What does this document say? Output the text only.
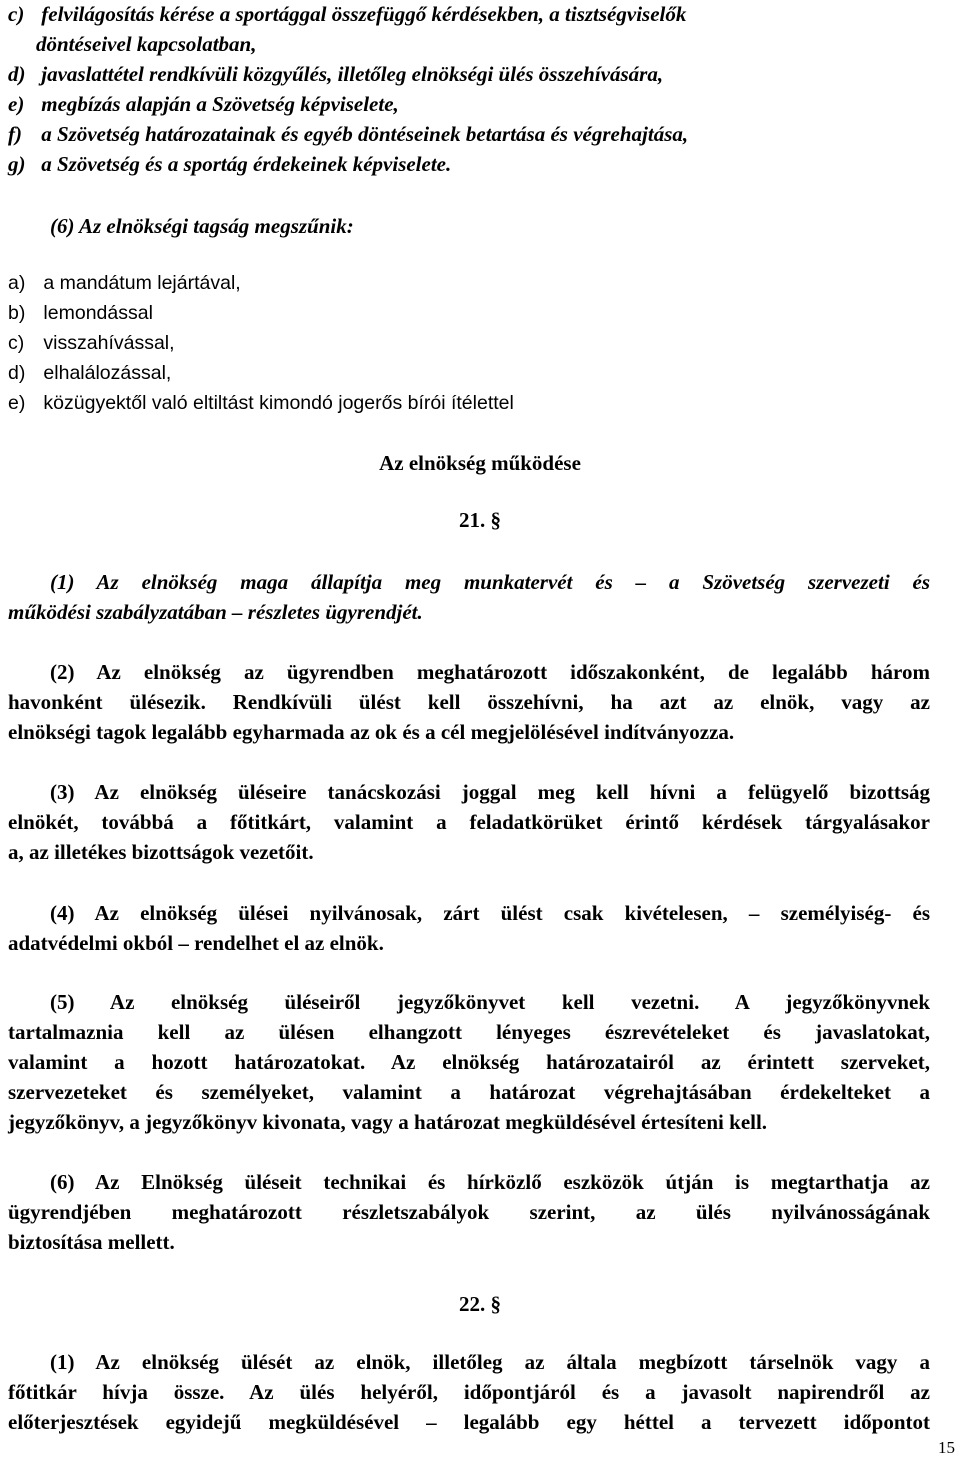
c) felvilágosítás kérése a sportággal összefüggő kérdésekben, a tisztségviselők
döntéseivel kapcsolatban,
d) javaslattétel rendkívüli közgyűlés, illetőleg elnökségi ülés összehívására,
e) megbízás alapján a Szövetség képviselete,
f) a Szövetség határozatainak és egyéb döntéseinek betartása és végrehajtása,
g) a Szövetség és a sportág érdekeinek képviselete.
(6) Az elnökségi tagság megszűnik:
a) a mandátum lejártával,
b) lemondással
c) visszahívással,
d) elhalálozással,
e) közügyektől való eltiltást kimondó jogerős bírói ítélettel
Az elnökség működése
21. §
(1) Az elnökség maga állapítja meg munkatervét és – a Szövetség szervezeti és
működési szabályzatában – részletes ügyrendjét.
(2) Az elnökség az ügyrendben meghatározott időszakonként, de legalább három
havonként ülésezik. Rendkívüli ülést kell összehívni, ha azt az elnök, vagy az
elnökségi tagok legalább egyharmada az ok és a cél megjelölésével indítványozza.
(3) Az elnökség üléseire tanácskozási joggal meg kell hívni a felügyelő bizottság
elnökét, továbbá a főtitkárt, valamint a feladatkörüket érintő kérdések tárgyalásakor
a, az illetékes bizottságok vezetőit.
(4) Az elnökség ülései nyilvánosak, zárt ülést csak kivételesen, – személyiség- és
adatvédelmi okból – rendelhet el az elnök.
(5) Az elnökség üléseiről jegyzőkönyvet kell vezetni. A jegyzőkönyvnek
tartalmaznia kell az ülésen elhangzott lényeges észrevételeket és javaslatokat,
valamint a hozott határozatokat. Az elnökség határozatairól az érintett szerveket,
szervezeteket és személyeket, valamint a határozat végrehajtásában érdekelteket a
jegyzőkönyv, a jegyzőkönyv kivonata, vagy a határozat megküldésével értesíteni kell.
(6) Az Elnökség üléseit technikai és hírközlő eszközök útján is megtarthatja az
ügyrendjében meghatározott részletszabályok szerint, az ülés nyilvánosságának
biztosítása mellett.
22. §
(1) Az elnökség ülését az elnök, illetőleg az általa megbízott társelnök vagy a
főtitkár hívja össze. Az ülés helyéről, időpontjáról és a javasolt napirendről az
előterjesztések egyidejű megküldésével – legalább egy héttel a tervezett időpontot
15
